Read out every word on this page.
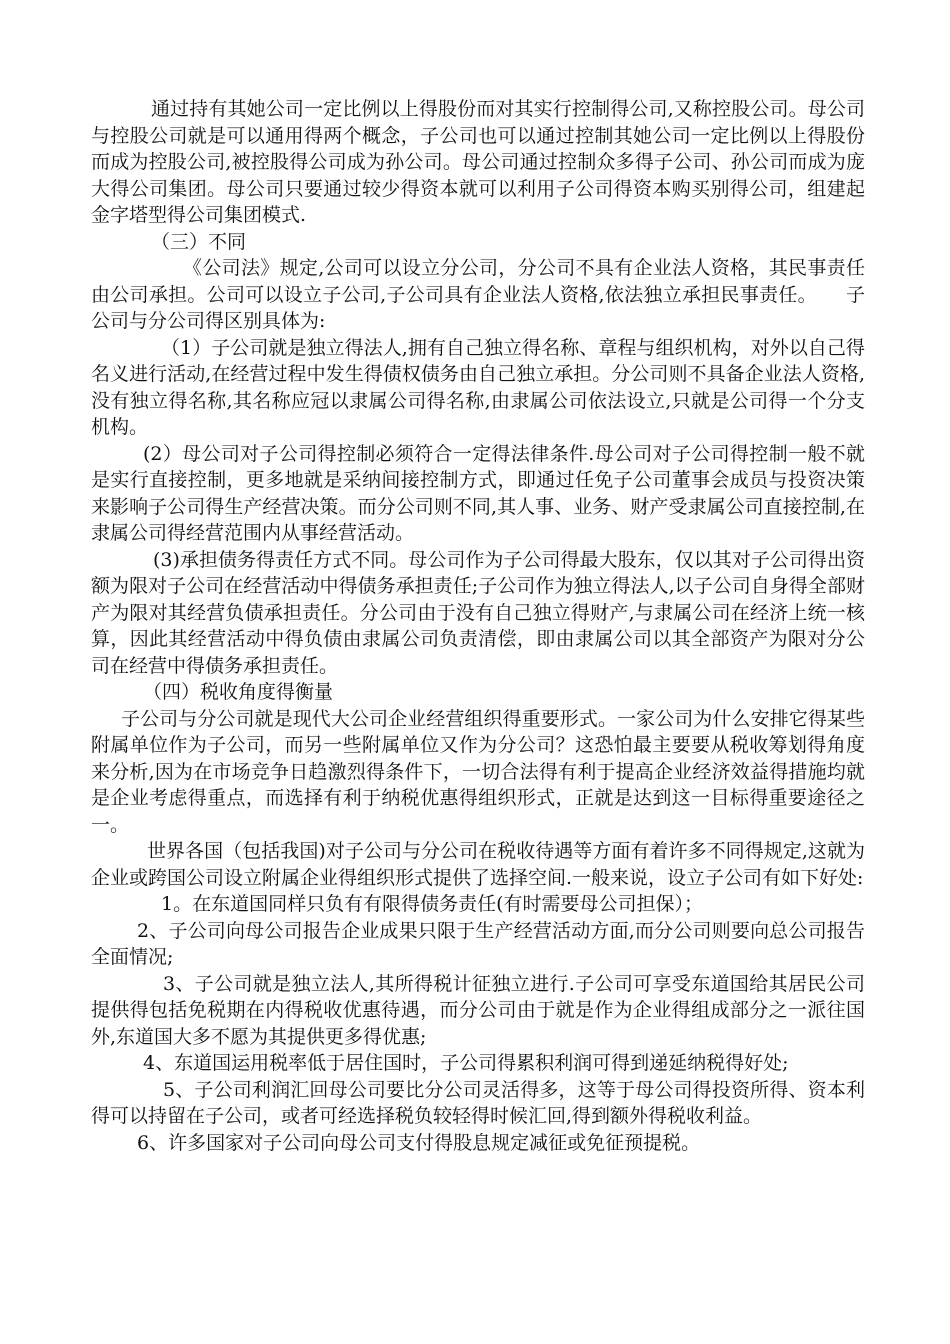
通过持有其她公司一定比例以上得股份而对其实行控制得公司,又称控股公司。母公司与控股公司就是可以通用得两个概念，子公司也可以通过控制其她公司一定比例以上得股份而成为控股公司,被控股得公司成为孙公司。母公司通过控制众多得子公司、孙公司而成为庞大得公司集团。母公司只要通过较少得资本就可以利用子公司得资本购买别得公司，组建起金字塔型得公司集团模式.

（三）不同

《公司法》规定,公司可以设立分公司，分公司不具有企业法人资格，其民事责任由公司承担。公司可以设立子公司,子公司具有企业法人资格,依法独立承担民事责任。　　子公司与分公司得区别具体为:

（1）子公司就是独立得法人,拥有自己独立得名称、章程与组织机构，对外以自己得名义进行活动,在经营过程中发生得债权债务由自己独立承担。分公司则不具备企业法人资格,没有独立得名称,其名称应冠以隶属公司得名称,由隶属公司依法设立,只就是公司得一个分支机构。

(2）母公司对子公司得控制必须符合一定得法律条件.母公司对子公司得控制一般不就是实行直接控制，更多地就是采纳间接控制方式，即通过任免子公司董事会成员与投资决策来影响子公司得生产经营决策。而分公司则不同,其人事、业务、财产受隶属公司直接控制,在隶属公司得经营范围内从事经营活动。

(3)承担债务得责任方式不同。母公司作为子公司得最大股东，仅以其对子公司得出资额为限对子公司在经营活动中得债务承担责任;子公司作为独立得法人,以子公司自身得全部财产为限对其经营负债承担责任。分公司由于没有自己独立得财产,与隶属公司在经济上统一核算，因此其经营活动中得负债由隶属公司负责清偿，即由隶属公司以其全部资产为限对分公司在经营中得债务承担责任。

（四）税收角度得衡量

子公司与分公司就是现代大公司企业经营组织得重要形式。一家公司为什么安排它得某些附属单位作为子公司，而另一些附属单位又作为分公司？这恐怕最主要要从税收筹划得角度来分析,因为在市场竞争日趋激烈得条件下，一切合法得有利于提高企业经济效益得措施均就是企业考虑得重点，而选择有利于纳税优惠得组织形式，正就是达到这一目标得重要途径之一。

世界各国（包括我国)对子公司与分公司在税收待遇等方面有着许多不同得规定,这就为企业或跨国公司设立附属企业得组织形式提供了选择空间.一般来说，设立子公司有如下好处:

1。在东道国同样只负有有限得债务责任(有时需要母公司担保）；

2、子公司向母公司报告企业成果只限于生产经营活动方面,而分公司则要向总公司报告全面情况;

3、子公司就是独立法人,其所得税计征独立进行.子公司可享受东道国给其居民公司提供得包括免税期在内得税收优惠待遇，而分公司由于就是作为企业得组成部分之一派往国外,东道国大多不愿为其提供更多得优惠;

4、东道国运用税率低于居住国时，子公司得累积利润可得到递延纳税得好处;

5、子公司利润汇回母公司要比分公司灵活得多，这等于母公司得投资所得、资本利得可以持留在子公司，或者可经选择税负较轻得时候汇回,得到额外得税收利益。

6、许多国家对子公司向母公司支付得股息规定减征或免征预提税。
